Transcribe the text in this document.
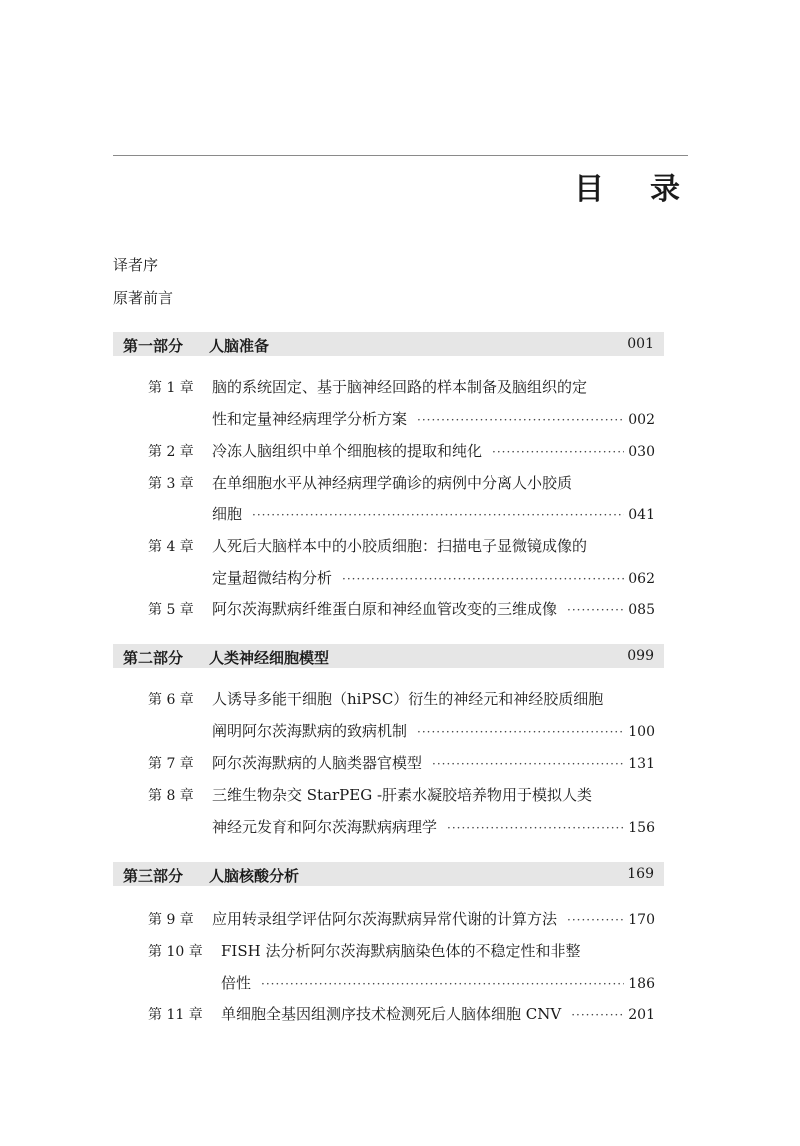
目　录
译者序
原著前言
第一部分 人脑准备	001
第 1 章 脑的系统固定、基于脑神经回路的样本制备及脑组织的定
性和定量神经病理学分析方案 ·····	002
第 2 章 冷冻人脑组织中单个细胞核的提取和纯化 ·····	030
第 3 章 在单细胞水平从神经病理学确诊的病例中分离人小胶质
细胞 ·····	041
第 4 章 人死后大脑样本中的小胶质细胞：扫描电子显微镜成像的
定量超微结构分析 ·····	062
第 5 章 阿尔茨海默病纤维蛋白原和神经血管改变的三维成像 ·····	085
第二部分 人类神经细胞模型	099
第 6 章 人诱导多能干细胞（hiPSC）衍生的神经元和神经胶质细胞
阐明阿尔茨海默病的致病机制 ·····	100
第 7 章 阿尔茨海默病的人脑类器官模型 ·····	131
第 8 章 三维生物杂交 StarPEG -肝素水凝胶培养物用于模拟人类
神经元发育和阿尔茨海默病病理学 ·····	156
第三部分 人脑核酸分析	169
第 9 章 应用转录组学评估阿尔茨海默病异常代谢的计算方法 ·····	170
第 10 章 FISH 法分析阿尔茨海默病脑染色体的不稳定性和非整
倍性 ·····	186
第 11 章 单细胞全基因组测序技术检测死后人脑体细胞 CNV ·····	201
